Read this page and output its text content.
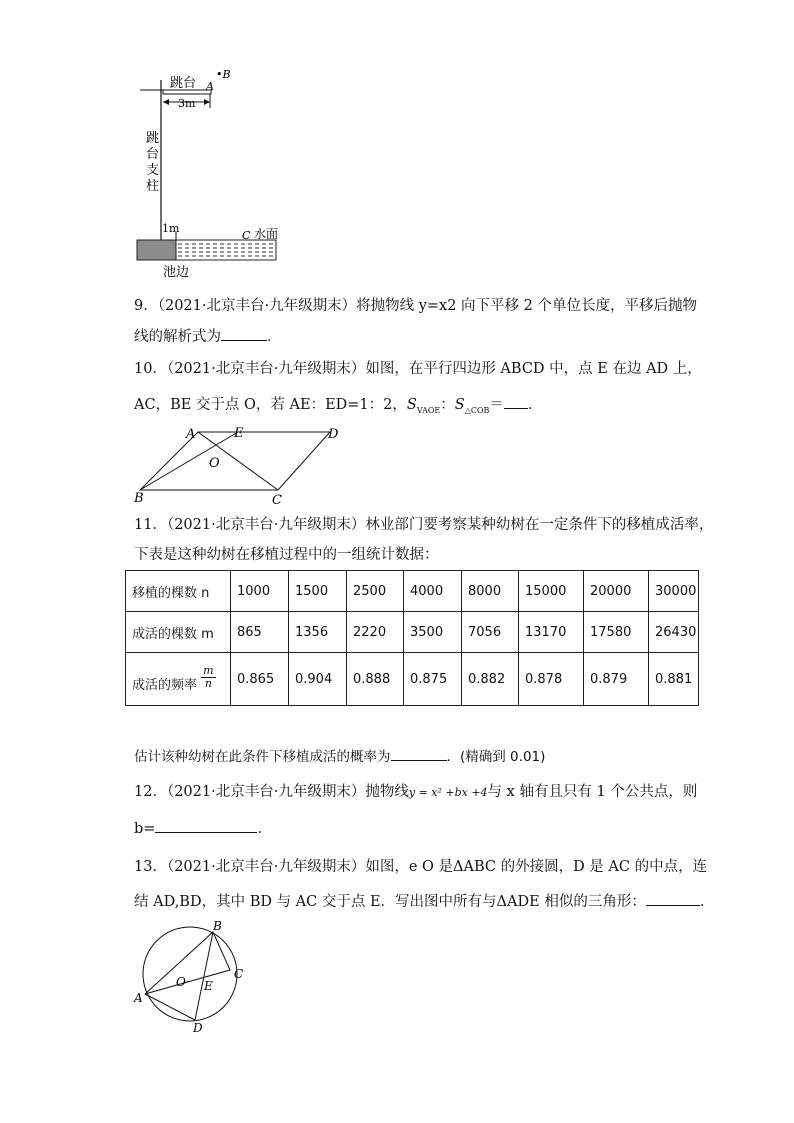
跳台 A
•B
3m
跳
台
支
柱
1m
C 水面
池边
9．（2021·北京丰台·九年级期末）将抛物线 y=x2 向下平移 2 个单位长度，平移后抛物
线的解析式为	．
10．（2021·北京丰台·九年级期末）如图，在平行四边形 ABCD 中，点 E 在边 AD 上，
AC，BE 交于点 O，若 AE：ED=1：2，$S_{VAOE}$：$S_{\triangle COB}=$ ．
A	E	D
O
B	C
11．（2021·北京丰台·九年级期末）林业部门要考察某种幼树在一定条件下的移植成活率，
下表是这种幼树在移植过程中的一组统计数据：
移植的棵数 n	1000	1500	2500	4000	8000	15000	20000	30000
成活的棵数 m	865	1356	2220	3500	7056	13170	17580	26430
成活的频率 $\frac{m}{n}$	0.865	0.904	0.888	0.875	0.882	0.878	0.879	0.881
估计该种幼树在此条件下移植成活的概率为	．(精确到 0.01)
12．（2021·北京丰台·九年级期末）抛物线y = x² +bx +4与 x 轴有且只有 1 个公共点，则
b=	．
13．（2021·北京丰台·九年级期末）如图，e O 是ΔABC 的外接圆，D 是 AC 的中点，连
结 AD,BD，其中 BD 与 AC 交于点 E．写出图中所有与ΔADE 相似的三角形：	.
B
C
A
D
E
O·
